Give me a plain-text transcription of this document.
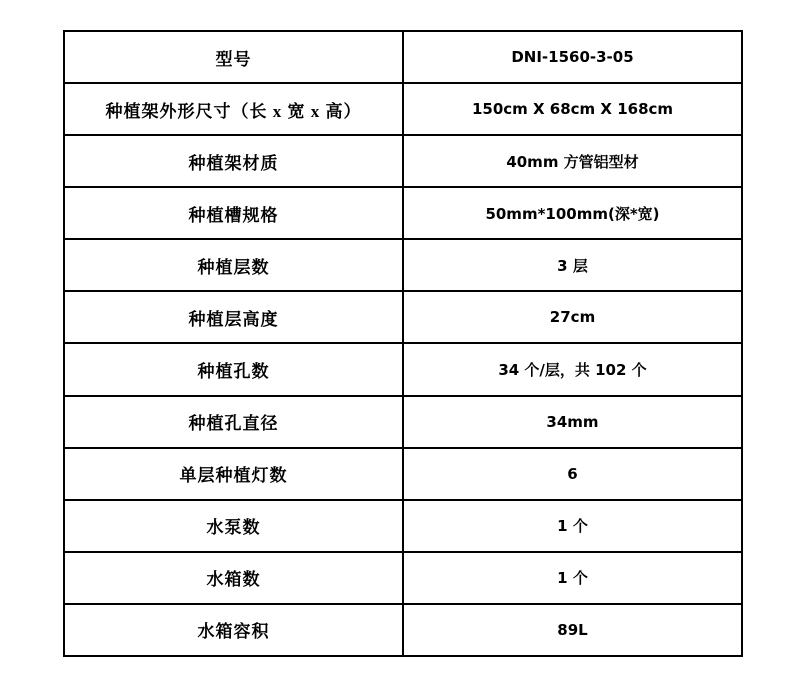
型号	DNI-1560-3-05
种植架外形尺寸（长 x 宽 x 高）	150cm X 68cm X 168cm
种植架材质	40mm 方管铝型材
种植槽规格	50mm*100mm(深*宽)
种植层数	3 层
种植层高度	27cm
种植孔数	34 个/层，共 102 个
种植孔直径	34mm
单层种植灯数	6
水泵数	1 个
水箱数	1 个
水箱容积	89L
